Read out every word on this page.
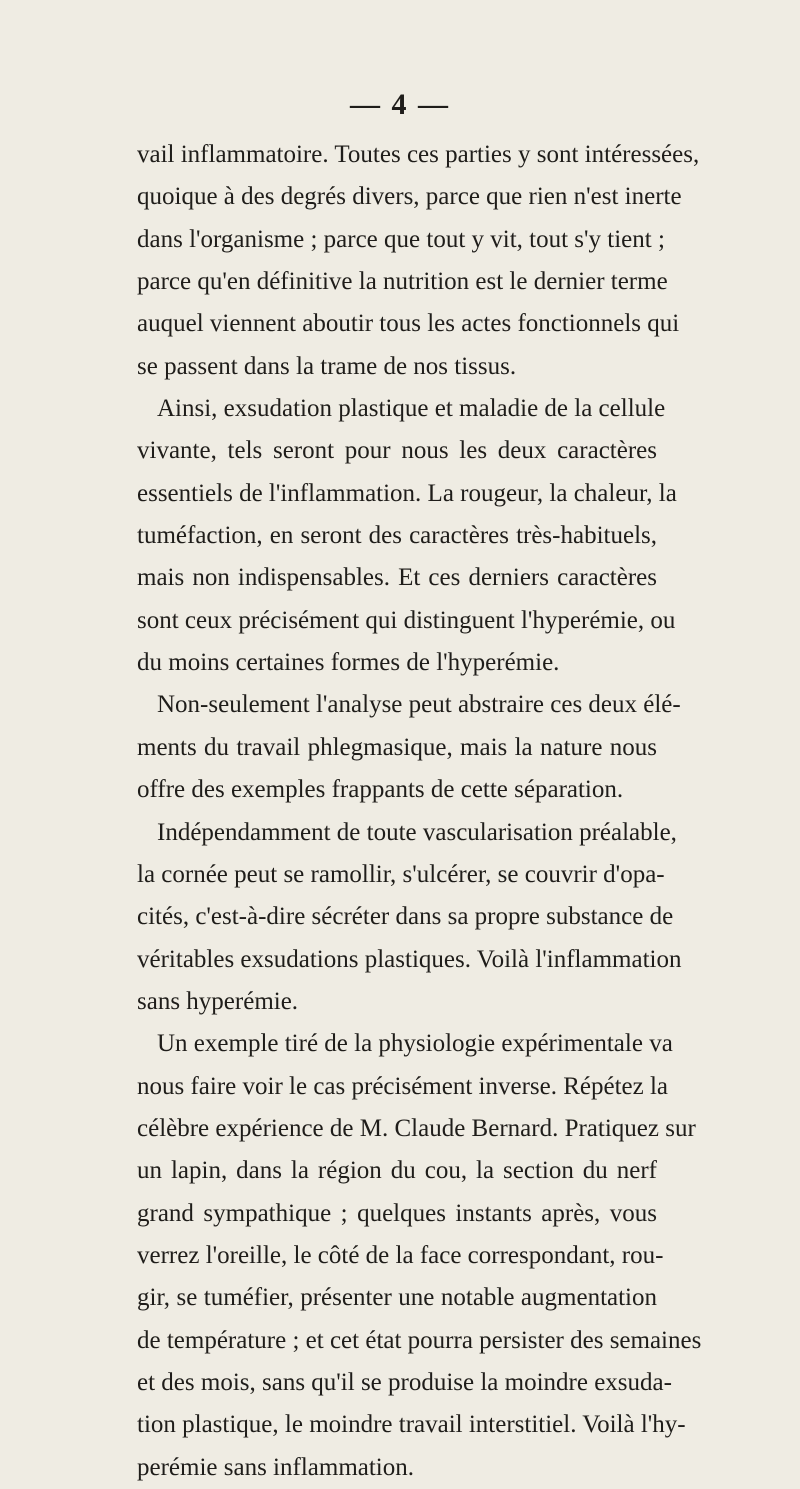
— 4 —
vail inflammatoire. Toutes ces parties y sont intéressées,
quoique à des degrés divers, parce que rien n'est inerte
dans l'organisme ; parce que tout y vit, tout s'y tient ;
parce qu'en définitive la nutrition est le dernier terme
auquel viennent aboutir tous les actes fonctionnels qui
se passent dans la trame de nos tissus.
Ainsi, exsudation plastique et maladie de la cellule
vivante, tels seront pour nous les deux caractères
essentiels de l'inflammation. La rougeur, la chaleur, la
tuméfaction, en seront des caractères très-habituels,
mais non indispensables. Et ces derniers caractères
sont ceux précisément qui distinguent l'hyperémie, ou
du moins certaines formes de l'hyperémie.
Non-seulement l'analyse peut abstraire ces deux élé-
ments du travail phlegmasique, mais la nature nous
offre des exemples frappants de cette séparation.
Indépendamment de toute vascularisation préalable,
la cornée peut se ramollir, s'ulcérer, se couvrir d'opa-
cités, c'est-à-dire sécréter dans sa propre substance de
véritables exsudations plastiques. Voilà l'inflammation
sans hyperémie.
Un exemple tiré de la physiologie expérimentale va
nous faire voir le cas précisément inverse. Répétez la
célèbre expérience de M. Claude Bernard. Pratiquez sur
un lapin, dans la région du cou, la section du nerf
grand sympathique ; quelques instants après, vous
verrez l'oreille, le côté de la face correspondant, rou-
gir, se tuméfier, présenter une notable augmentation
de température ; et cet état pourra persister des semaines
et des mois, sans qu'il se produise la moindre exsuda-
tion plastique, le moindre travail interstitiel. Voilà l'hy-
perémie sans inflammation.
